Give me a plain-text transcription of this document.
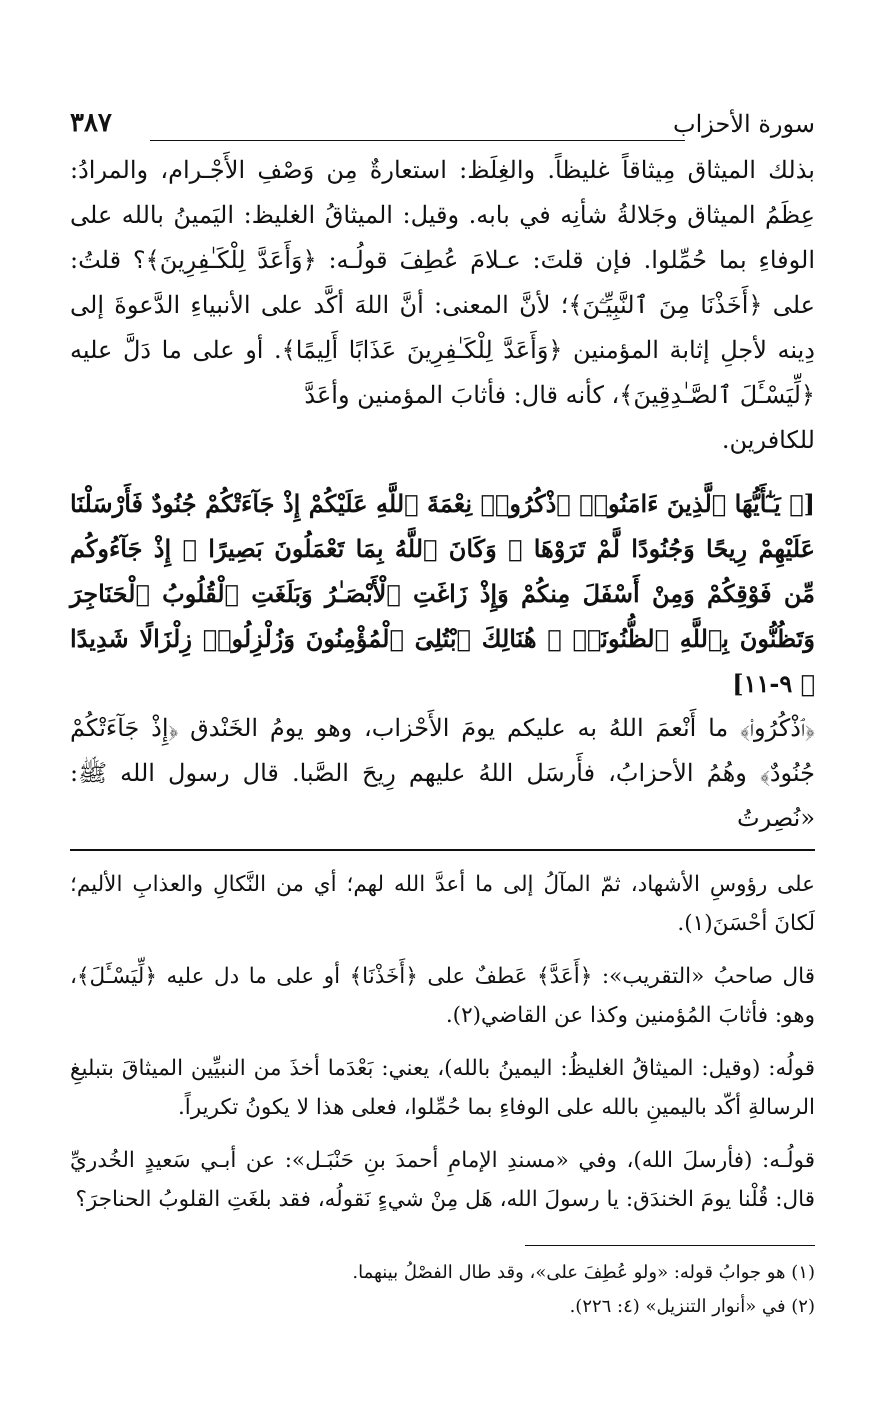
سورة الأحزاب
٣٨٧

بذلك الميثاق مِيثاقاً غليظاً. والغِلَظ: استعارةٌ مِن وَصْفِ الأَجْـرام، والمرادُ: عِظَمُ الميثاق وجَلالةُ شأنِه في بابه. وقيل: الميثاقُ الغليظ: اليَمينُ بالله على الوفاءِ بما حُمِّلوا. فإن قلتَ: عـلامَ عُطِفَ قولُـه: ﴿وَأَعَدَّ لِلْكَـٰفِرِينَ﴾؟ قلتُ: على ﴿أَخَذْنَا مِنَ ٱلنَّبِيِّـۧنَ﴾؛ لأنَّ المعنى: أنَّ اللهَ أكَّد على الأنبياءِ الدَّعوةَ إلى دِينه لأجلِ إثابة المؤمنين ﴿وَأَعَدَّ لِلْكَـٰفِرِينَ عَذَابًا أَلِيمًا﴾. أو على ما دَلَّ عليه ﴿لِّيَسْـَٔلَ ٱلصَّـٰدِقِينَ﴾، كأنه قال: فأثابَ المؤمنين وأعَدَّ

للكافرين.

[﴿ يَـٰٓأَيُّهَا ٱلَّذِينَ ءَامَنُوا۟ ٱذْكُرُوا۟ نِعْمَةَ ٱللَّهِ عَلَيْكُمْ إِذْ جَآءَتْكُمْ جُنُودٌ فَأَرْسَلْنَا عَلَيْهِمْ رِيحًا وَجُنُودًا لَّمْ تَرَوْهَا ۚ وَكَانَ ٱللَّهُ بِمَا تَعْمَلُونَ بَصِيرًا ۞ إِذْ جَآءُوكُم مِّن فَوْقِكُمْ وَمِنْ أَسْفَلَ مِنكُمْ وَإِذْ زَاغَتِ ٱلْأَبْصَـٰرُ وَبَلَغَتِ ٱلْقُلُوبُ ٱلْحَنَاجِرَ وَتَظُنُّونَ بِٱللَّهِ ٱلظُّنُونَا۠ ۞ هُنَالِكَ ٱبْتُلِىَ ٱلْمُؤْمِنُونَ وَزُلْزِلُوا۟ زِلْزَالًا شَدِيدًا ﴾ ٩-١١]

﴿ٱذْكُرُوا۟﴾ ما أَنْعمَ اللهُ به عليكم يومَ الأَحْزاب، وهو يومُ الخَنْدق ﴿إِذْ جَآءَتْكُمْ جُنُودٌ﴾ وهُمُ الأحزابُ، فأَرسَل اللهُ عليهم رِيحَ الصَّبا. قال رسول الله ﷺ: «نُصِرتُ

على رؤوسِ الأشهاد، ثمّ المآلُ إلى ما أعدَّ الله لهم؛ أي من النَّكالِ والعذابِ الأليم؛ لَكانَ أحْسَنَ(١).

قال صاحبُ «التقريب»: ﴿أَعَدَّ﴾ عَطفٌ على ﴿أَخَذْنَا﴾ أو على ما دل عليه ﴿لِّيَسْـَٔلَ﴾، وهو: فأثابَ المُؤمنين وكذا عن القاضي(٢).

قولُه: (وقيل: الميثاقُ الغليظُ: اليمينُ بالله)، يعني: بَعْدَما أخذَ من النبيِّين الميثاقَ بتبليغِ الرسالةِ أكّد باليمينِ بالله على الوفاءِ بما حُمِّلوا، فعلى هذا لا يكونُ تكريراً.

قولُـه: (فأرسلَ الله)، وفي «مسندِ الإمامِ أحمدَ بنِ حَنْبَـل»: عن أبـي سَعيدٍ الخُدريِّ قال: قُلْنا يومَ الخندَق: يا رسولَ الله، هَل مِنْ شيءٍ نَقولُه، فقد بلغَتِ القلوبُ الحناجرَ؟

(١) هو جوابُ قوله: «ولو عُطِفَ على»، وقد طال الفصْلُ بينهما.

(٢) في «أنوار التنزيل» (٤: ٢٢٦).
